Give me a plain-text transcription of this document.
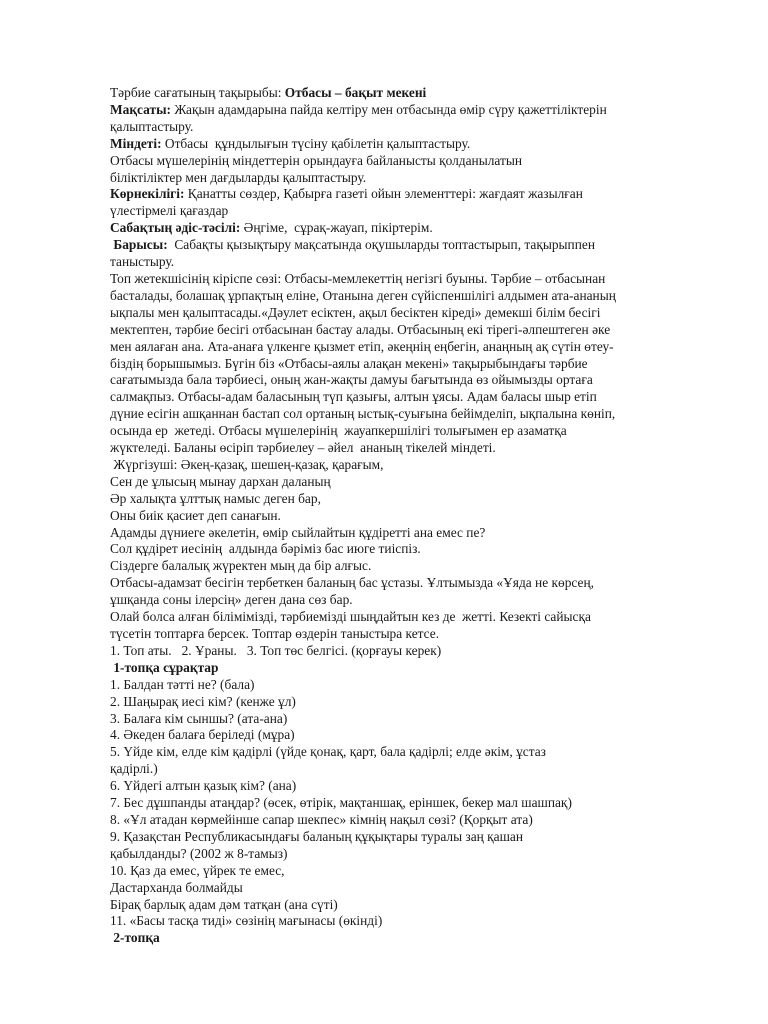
Тәрбие сағатының тақырыбы: Отбасы – бақыт мекені
Мақсаты: Жақын адамдарына пайда келтіру мен отбасында өмір сүру қажеттіліктерін
қалыптастыру.
Міндеті: Отбасы  құндылығын түсіну қабілетін қалыптастыру.
Отбасы мүшелерінің міндеттерін орындауға байланысты қолданылатын
біліктіліктер мен дағдыларды қалыптастыру.
Көрнекілігі: Қанатты сөздер, Қабырға газеті ойын элементтері: жағдаят жазылған
үлестірмелі қағаздар
Сабақтың әдіс-тәсілі: Әңгіме,  сұрақ-жауап, пікіртерім.
Барысы:  Сабақты қызықтыру мақсатында оқушыларды топтастырып, тақырыппен
таныстыру.
Топ жетекшісінің кіріспе сөзі: Отбасы-мемлекеттің негізгі буыны. Тәрбие – отбасынан
басталады, болашақ ұрпақтың еліне, Отанына деген сүйіспеншілігі алдымен ата-ананың
ықпалы мен қалыптасады.«Дәулет есіктен, ақыл бесіктен кіреді» демекші білім бесігі
мектептен, тәрбие бесігі отбасынан бастау алады. Отбасының екі тірегі-әлпештеген әке
мен аялаған ана. Ата-анаға үлкенге қызмет етіп, әкеңнің еңбегін, анаңның ақ сүтін өтеу-
біздің борышымыз. Бүгін біз «Отбасы-аялы алақан мекені» тақырыбындағы тәрбие
сағатымызда бала тәрбиесі, оның жан-жақты дамуы бағытында өз ойымызды ортаға
салмақпыз. Отбасы-адам баласының түп қазығы, алтын ұясы. Адам баласы шыр етіп
дүние есігін ашқаннан бастап сол ортаның ыстық-суығына бейімделіп, ықпалына көніп,
осында ер  жетеді. Отбасы мүшелерінің  жауапкершілігі толығымен ер азаматқа
жүктеледі. Баланы өсіріп тәрбиелеу – әйел  ананың тікелей міндеті.
Жүргізуші: Әкең-қазақ, шешең-қазақ, қарағым,
Сен де ұлысың мынау дархан даланың
Әр халықта ұлттық намыс деген бар,
Оны биік қасиет деп санағын.
Адамды дүниеге әкелетін, өмір сыйлайтын құдіретті ана емес пе?
Сол құдірет иесінің  алдында бәріміз бас июге тиіспіз.
Сіздерге балалық жүректен мың да бір алғыс.
Отбасы-адамзат бесігін тербеткен баланың бас ұстазы. Ұлтымызда «Ұяда не көрсең,
ұшқанда соны ілерсің» деген дана сөз бар.
Олай болса алған білімімізді, тәрбиемізді шыңдайтын кез де  жетті. Кезекті сайысқа
түсетін топтарға берсек. Топтар өздерін таныстыра кетсе.
1. Топ аты.   2. Ұраны.   3. Топ төс белгісі. (қорғауы керек)
1-топқа сұрақтар
1. Балдан тәтті не? (бала)
2. Шаңырақ иесі кім? (кенже ұл)
3. Балаға кім сыншы? (ата-ана)
4. Әкеден балаға беріледі (мұра)
5. Үйде кім, елде кім қадірлі (үйде қонақ, қарт, бала қадірлі; елде әкім, ұстаз
қадірлі.)
6. Үйдегі алтын қазық кім? (ана)
7. Бес дұшпанды атаңдар? (өсек, өтірік, мақтаншақ, еріншек, бекер мал шашпақ)
8. «Ұл атадан көрмейінше сапар шекпес» кімнің нақыл сөзі? (Қорқыт ата)
9. Қазақстан Республикасындағы баланың құқықтары туралы заң қашан
қабылданды? (2002 ж 8-тамыз)
10. Қаз да емес, үйрек те емес,
Дастарханда болмайды
Бірақ барлық адам дәм татқан (ана сүті)
11. «Басы тасқа тиді» сөзінің мағынасы (өкінді)
2-топқа
